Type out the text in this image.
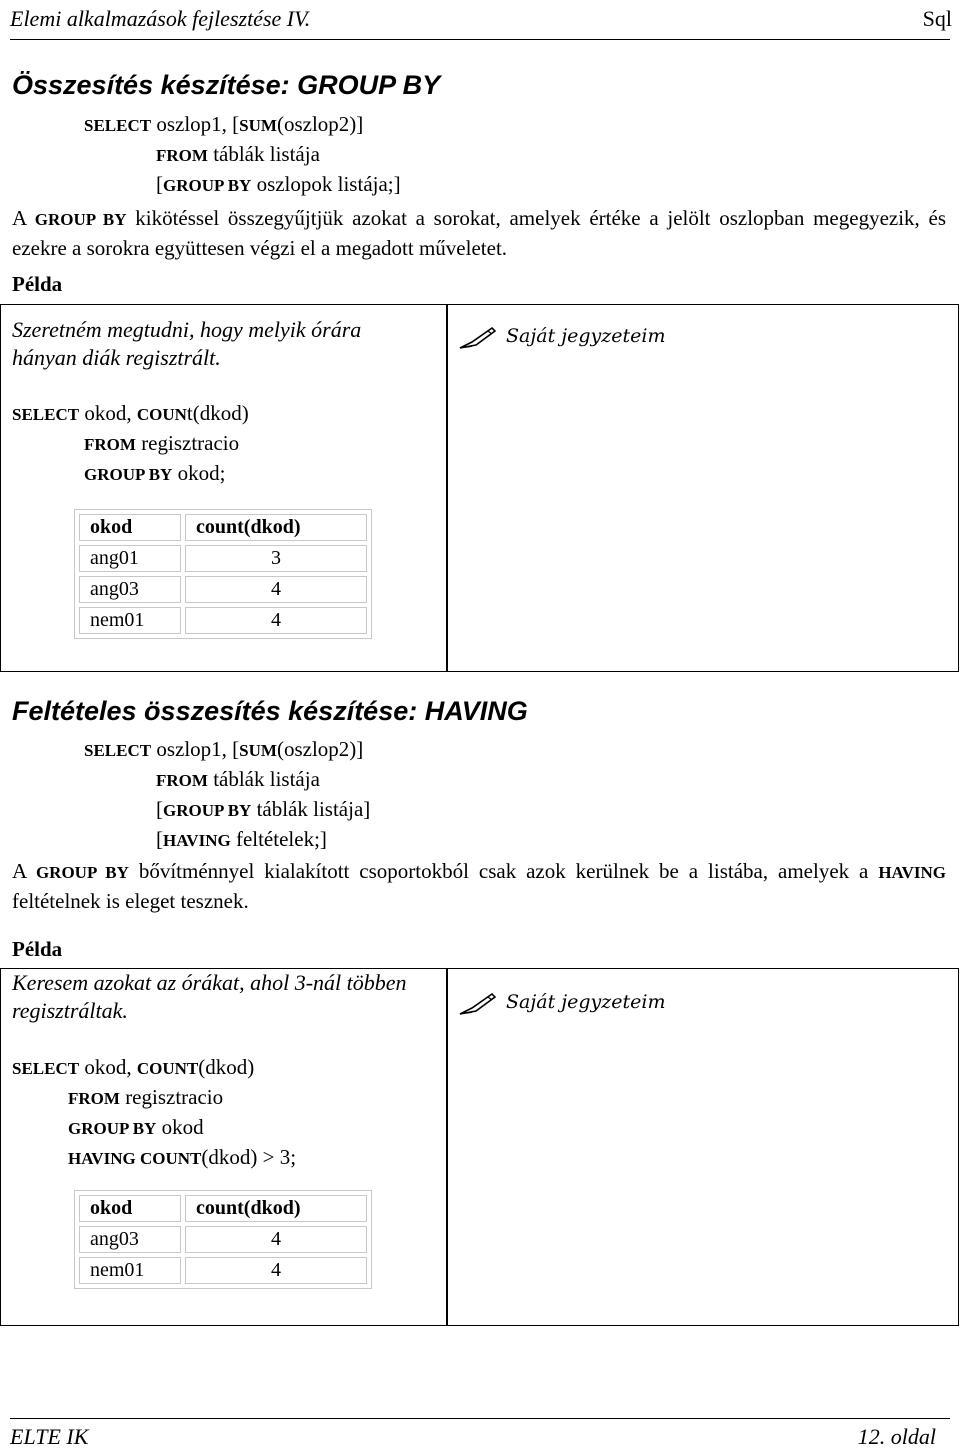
Elemi alkalmazások fejlesztése IV.	Sql
Összesítés készítése: GROUP BY
SELECT oszlop1, [SUM(oszlop2)]
FROM táblák listája
[GROUP BY oszlopok listája;]
A GROUP BY kikötéssel összegyűjtjük azokat a sorokat, amelyek értéke a jelölt oszlopban megegyezik, és ezekre a sorokra együttesen végzi el a megadott műveletet.
Példa
Szeretném megtudni, hogy melyik órára hányan diák regisztrált.
Saját jegyzeteim
SELECT okod, COUNt(dkod)
FROM regisztracio
GROUP BY okod;
okod	count(dkod)
ang01	3
ang03	4
nem01	4
Feltételes összesítés készítése: HAVING
SELECT oszlop1, [SUM(oszlop2)]
FROM táblák listája
[GROUP BY táblák listája]
[HAVING feltételek;]
A GROUP BY bővítménnyel kialakított csoportokból csak azok kerülnek be a listába, amelyek a HAVING feltételnek is eleget tesznek.
Példa
Keresem azokat az órákat, ahol 3-nál többen regisztráltak.	Saját jegyzeteim
SELECT okod, COUNT(dkod)
FROM regisztracio
GROUP BY okod
HAVING COUNT(dkod) > 3;
okod	count(dkod)
ang03	4
nem01	4
ELTE IK	12. oldal
